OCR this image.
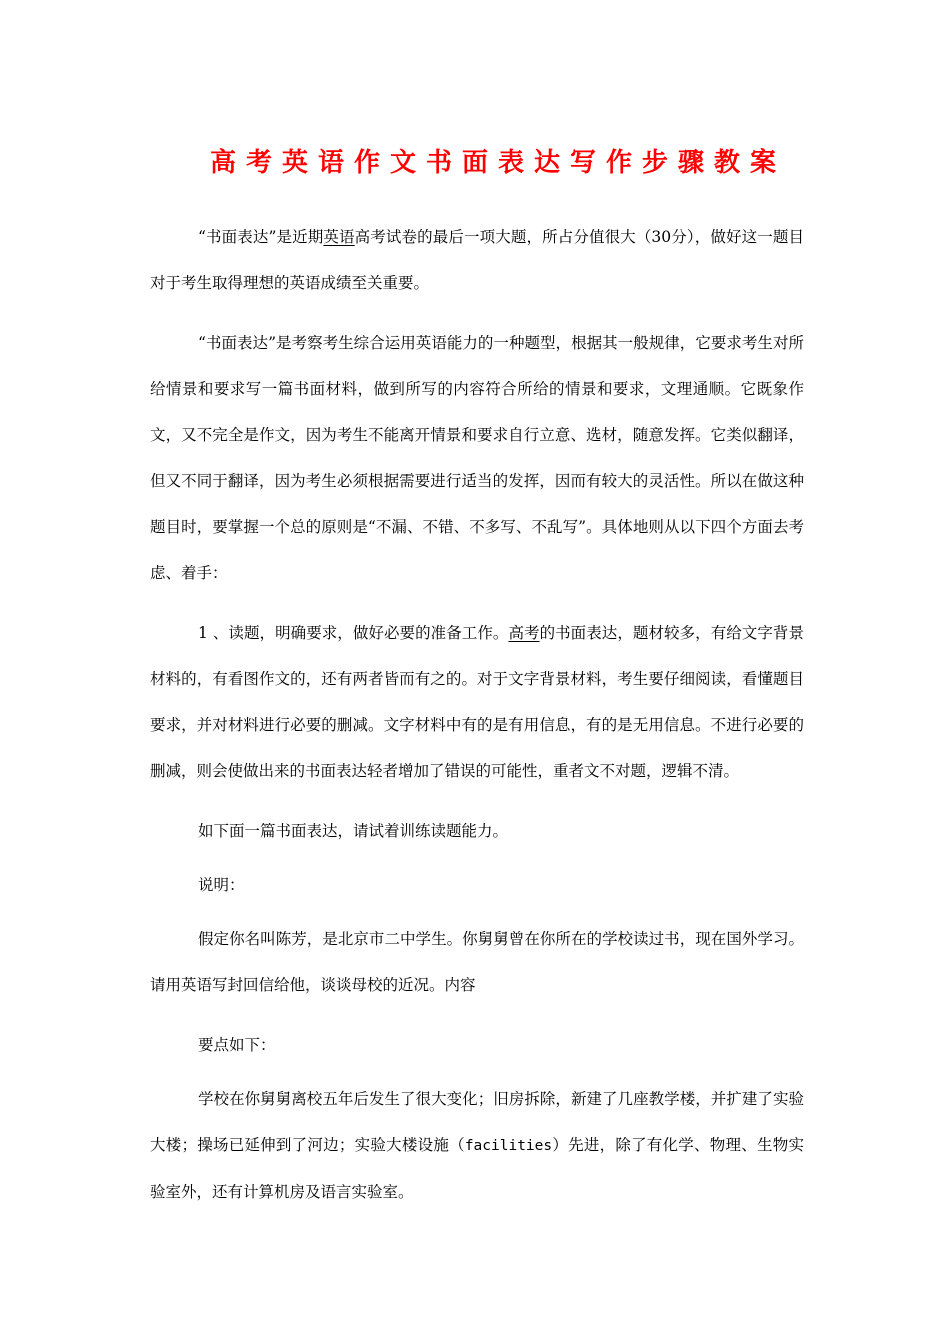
高考英语作文书面表达写作步骤教案

“书面表达”是近期英语高考试卷的最后一项大题，所占分值很大（30分），做好这一题目对于考生取得理想的英语成绩至关重要。

“书面表达”是考察考生综合运用英语能力的一种题型，根据其一般规律，它要求考生对所给情景和要求写一篇书面材料，做到所写的内容符合所给的情景和要求，文理通顺。它既象作文，又不完全是作文，因为考生不能离开情景和要求自行立意、选材，随意发挥。它类似翻译，但又不同于翻译，因为考生必须根据需要进行适当的发挥，因而有较大的灵活性。所以在做这种题目时，要掌握一个总的原则是“不漏、不错、不多写、不乱写”。具体地则从以下四个方面去考虑、着手：

1 、读题，明确要求，做好必要的准备工作。高考的书面表达，题材较多，有给文字背景材料的，有看图作文的，还有两者皆而有之的。对于文字背景材料，考生要仔细阅读，看懂题目要求，并对材料进行必要的删减。文字材料中有的是有用信息，有的是无用信息。不进行必要的删减，则会使做出来的书面表达轻者增加了错误的可能性，重者文不对题，逻辑不清。

如下面一篇书面表达，请试着训练读题能力。

说明：

假定你名叫陈芳，是北京市二中学生。你舅舅曾在你所在的学校读过书，现在国外学习。请用英语写封回信给他，谈谈母校的近况。内容

要点如下：

学校在你舅舅离校五年后发生了很大变化；旧房拆除，新建了几座教学楼，并扩建了实验大楼；操场已延伸到了河边；实验大楼设施（facilities）先进，除了有化学、物理、生物实验室外，还有计算机房及语言实验室。
